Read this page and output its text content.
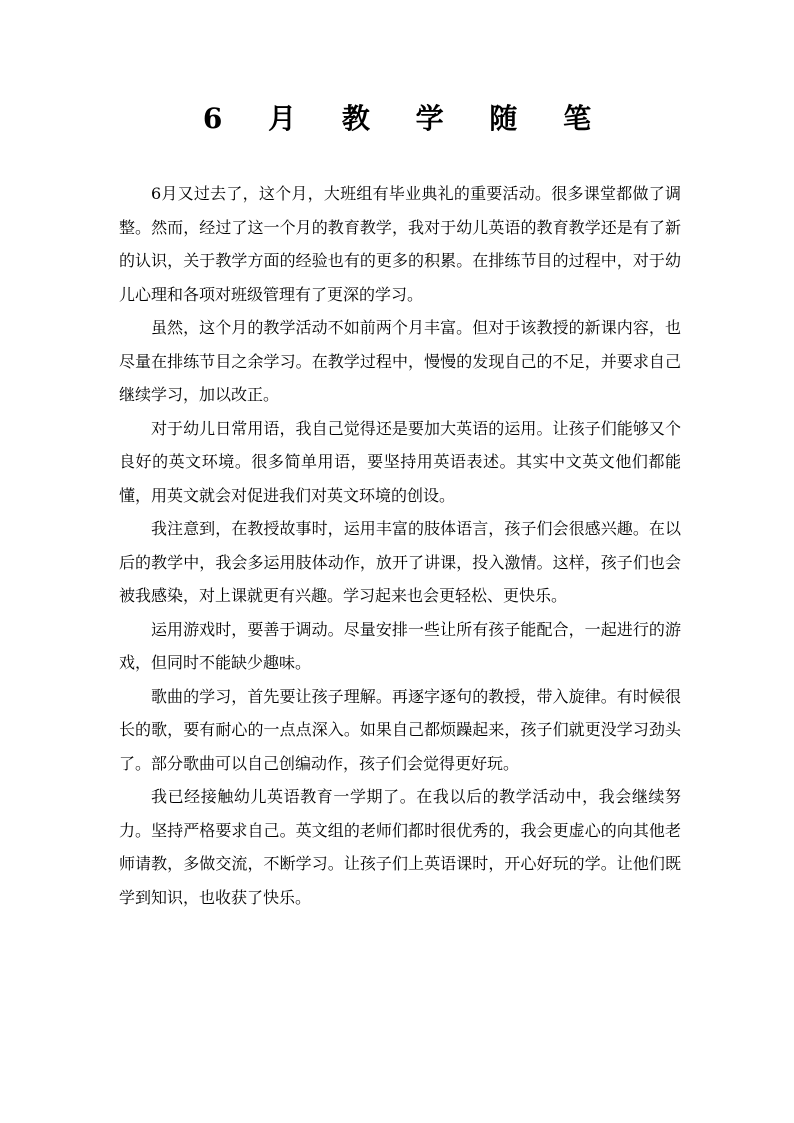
6 月 教 学 随 笔

6月又过去了，这个月，大班组有毕业典礼的重要活动。很多课堂都做了调整。然而，经过了这一个月的教育教学，我对于幼儿英语的教育教学还是有了新的认识，关于教学方面的经验也有的更多的积累。在排练节目的过程中，对于幼儿心理和各项对班级管理有了更深的学习。

虽然，这个月的教学活动不如前两个月丰富。但对于该教授的新课内容，也尽量在排练节目之余学习。在教学过程中，慢慢的发现自己的不足，并要求自己继续学习，加以改正。

对于幼儿日常用语，我自己觉得还是要加大英语的运用。让孩子们能够又个良好的英文环境。很多简单用语，要坚持用英语表述。其实中文英文他们都能懂，用英文就会对促进我们对英文环境的创设。

我注意到，在教授故事时，运用丰富的肢体语言，孩子们会很感兴趣。在以后的教学中，我会多运用肢体动作，放开了讲课，投入激情。这样，孩子们也会被我感染，对上课就更有兴趣。学习起来也会更轻松、更快乐。

运用游戏时，要善于调动。尽量安排一些让所有孩子能配合，一起进行的游戏，但同时不能缺少趣味。

歌曲的学习，首先要让孩子理解。再逐字逐句的教授，带入旋律。有时候很长的歌，要有耐心的一点点深入。如果自己都烦躁起来，孩子们就更没学习劲头了。部分歌曲可以自己创编动作，孩子们会觉得更好玩。

我已经接触幼儿英语教育一学期了。在我以后的教学活动中，我会继续努力。坚持严格要求自己。英文组的老师们都时很优秀的，我会更虚心的向其他老师请教，多做交流，不断学习。让孩子们上英语课时，开心好玩的学。让他们既学到知识，也收获了快乐。
